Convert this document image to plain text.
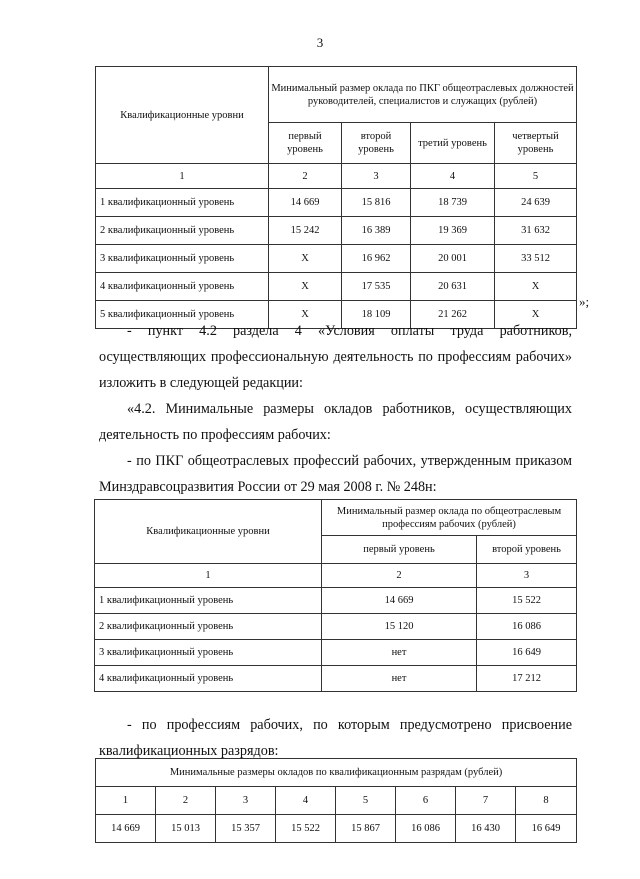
3
Квалификационные уровни	Минимальный размер оклада по ПКГ общеотраслевых должностей руководителей, специалистов и служащих (рублей)			
	первый уровень	второй уровень	третий уровень	четвертый уровень
1	2	3	4	5
1 квалификационный уровень	14 669	15 816	18 739	24 639
2 квалификационный уровень	15 242	16 389	19 369	31 632
3 квалификационный уровень	X	16 962	20 001	33 512
4 квалификационный уровень	X	17 535	20 631	X
5 квалификационный уровень	X	18 109	21 262	X
»;
- пункт 4.2 раздела 4 «Условия оплаты труда работников, осуществляющих профессиональную деятельность по профессиям рабочих» изложить в следующей редакции:
«4.2. Минимальные размеры окладов работников, осуществляющих деятельность по профессиям рабочих:
- по ПКГ общеотраслевых профессий рабочих, утвержденным приказом Минздравсоцразвития России от 29 мая 2008 г. № 248н:
Квалификационные уровни	Минимальный размер оклада по общеотраслевым профессиям рабочих (рублей)	
	первый уровень	второй уровень
1	2	3
1 квалификационный уровень	14 669	15 522
2 квалификационный уровень	15 120	16 086
3 квалификационный уровень	нет	16 649
4 квалификационный уровень	нет	17 212
- по профессиям рабочих, по которым предусмотрено присвоение квалификационных разрядов:
Минимальные размеры окладов по квалификационным разрядам (рублей)							
1	2	3	4	5	6	7	8
14 669	15 013	15 357	15 522	15 867	16 086	16 430	16 649
